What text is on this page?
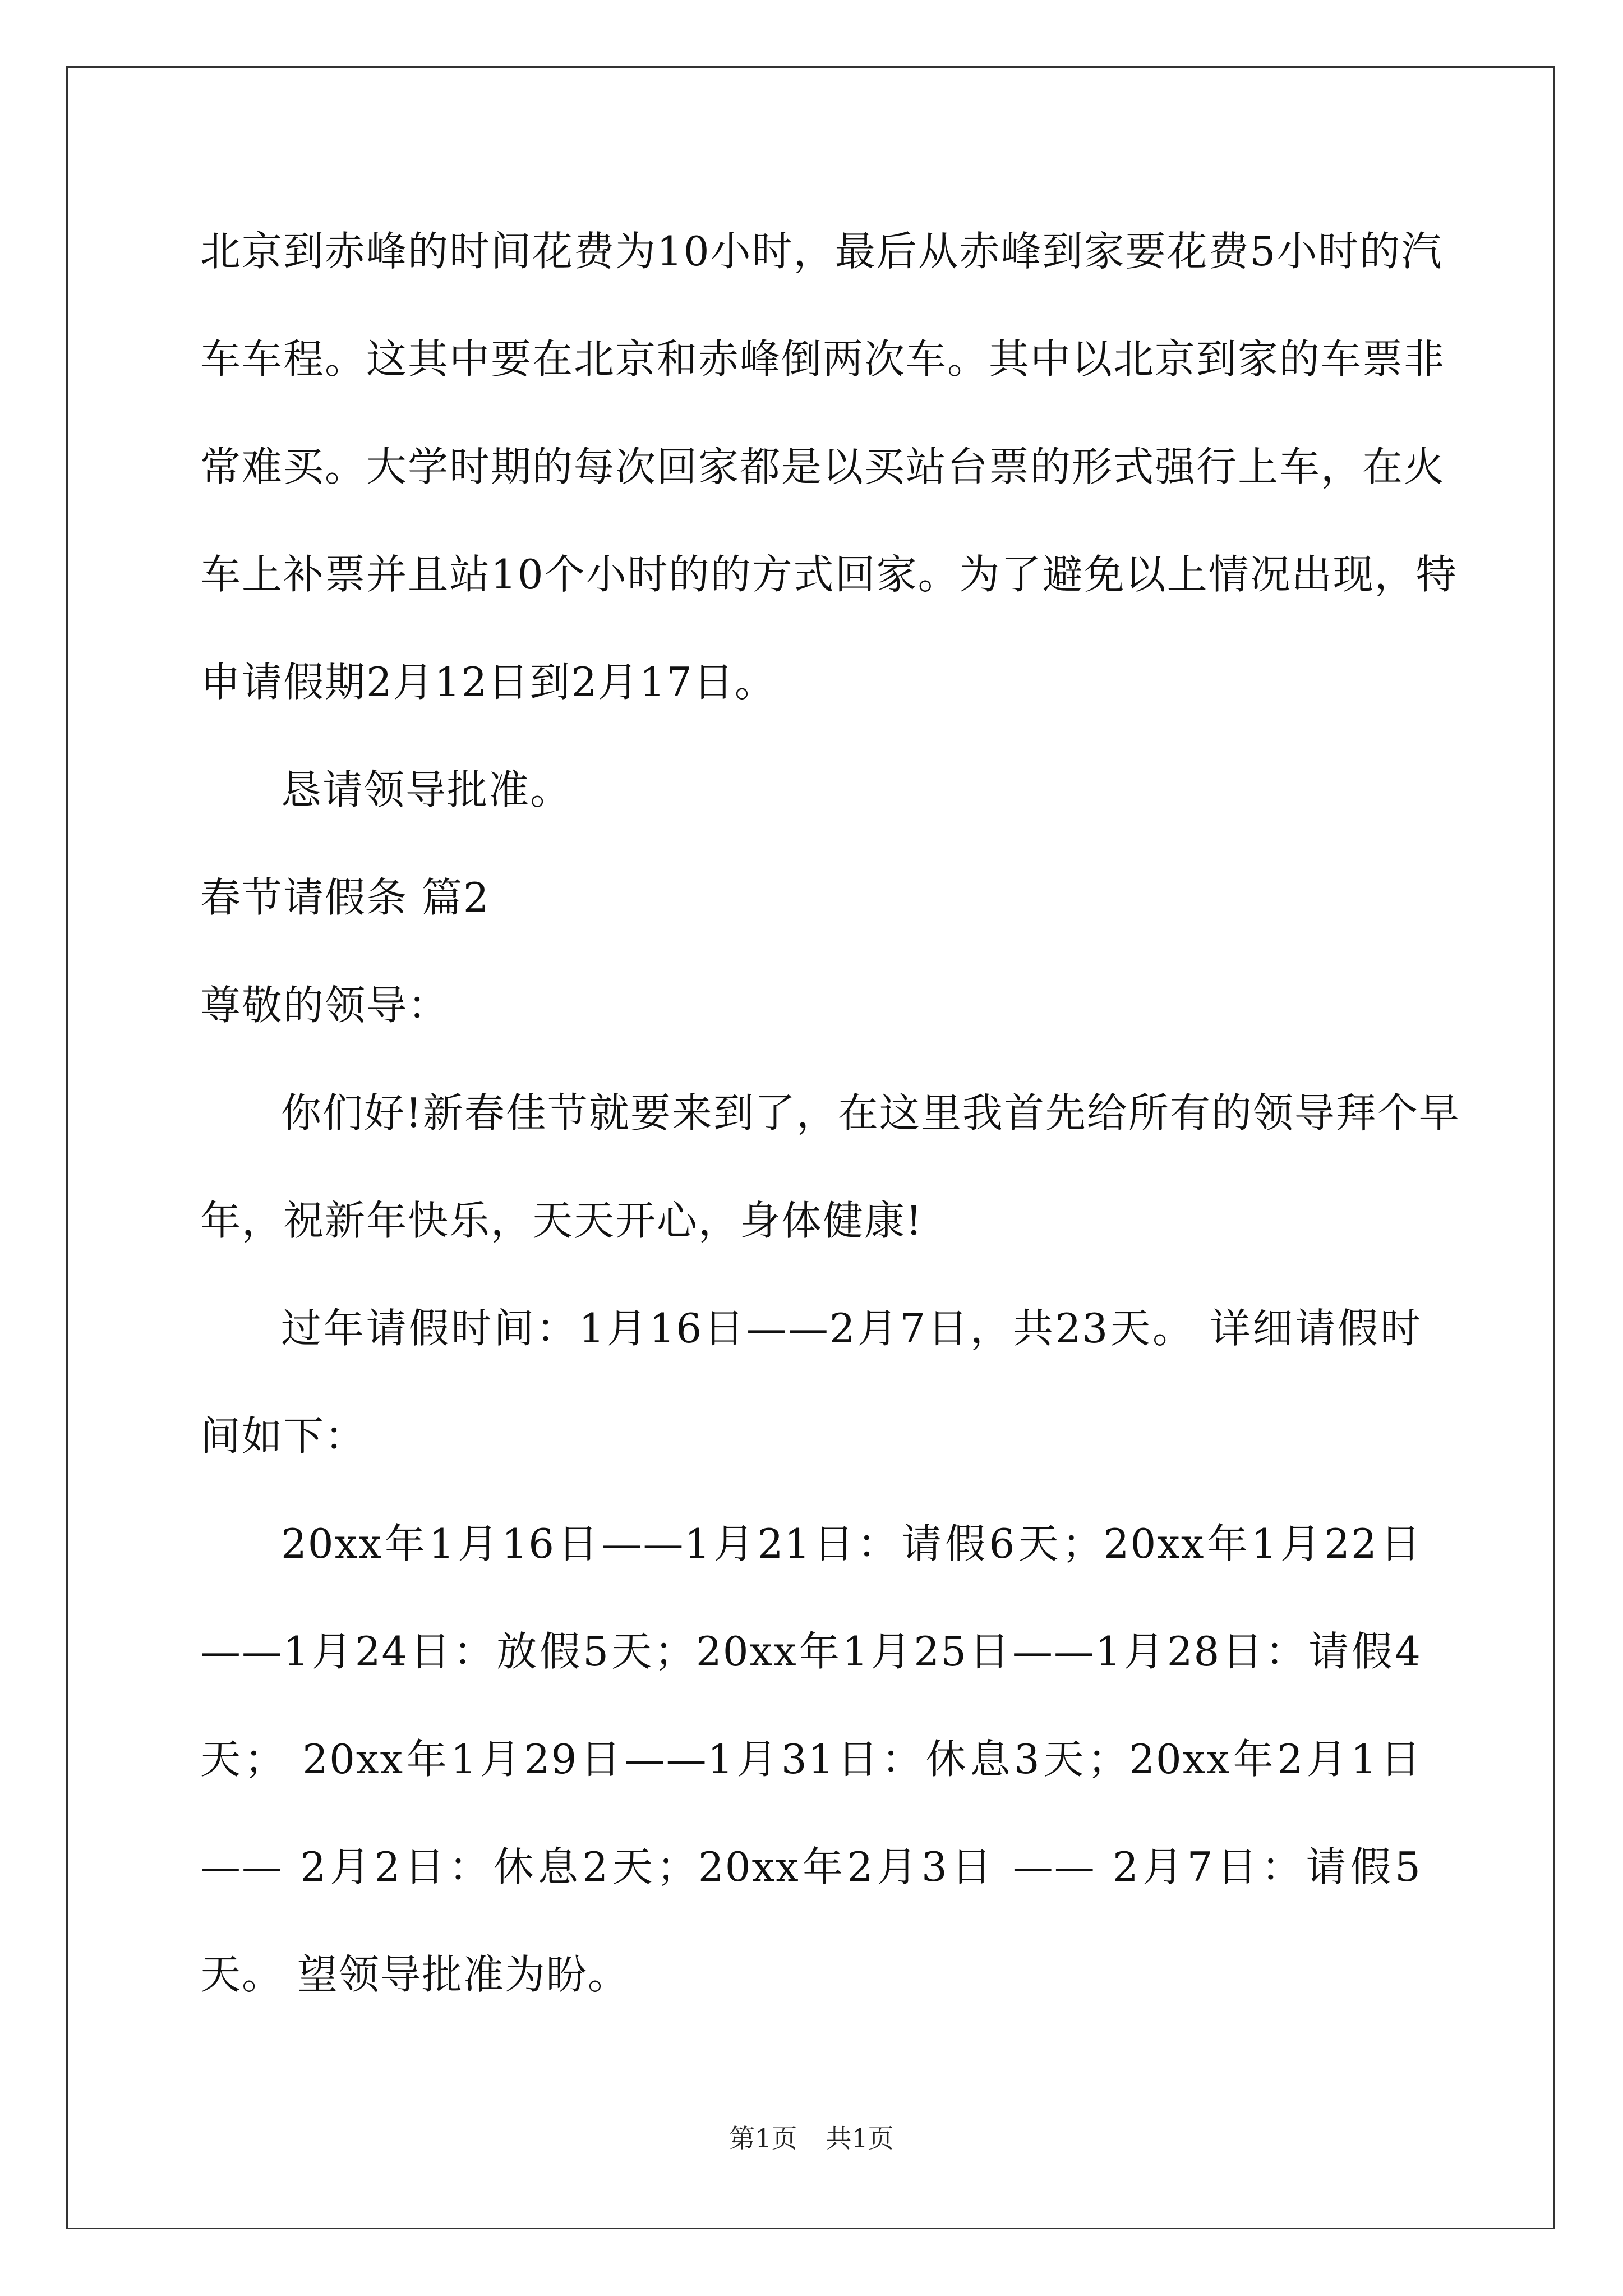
北京到赤峰的时间花费为10小时，最后从赤峰到家要花费5小时的汽
车车程。这其中要在北京和赤峰倒两次车。其中以北京到家的车票非
常难买。大学时期的每次回家都是以买站台票的形式强行上车，在火
车上补票并且站10个小时的的方式回家。为了避免以上情况出现，特
申请假期2月12日到2月17日。
恳请领导批准。
春节请假条 篇2
尊敬的领导：
你们好!新春佳节就要来到了，在这里我首先给所有的领导拜个早
年，祝新年快乐，天天开心，身体健康!
过年请假时间：1月16日——2月7日，共23天。 详细请假时
间如下：
20xx年1月16日——1月21日：请假6天；20xx年1月22日
——1月24日：放假5天；20xx年1月25日——1月28日：请假4
天； 20xx年1月29日——1月31日：休息3天；20xx年2月1日
—— 2月2日：休息2天；20xx年2月3日 —— 2月7日：请假5
天。 望领导批准为盼。
第1页 共1页
